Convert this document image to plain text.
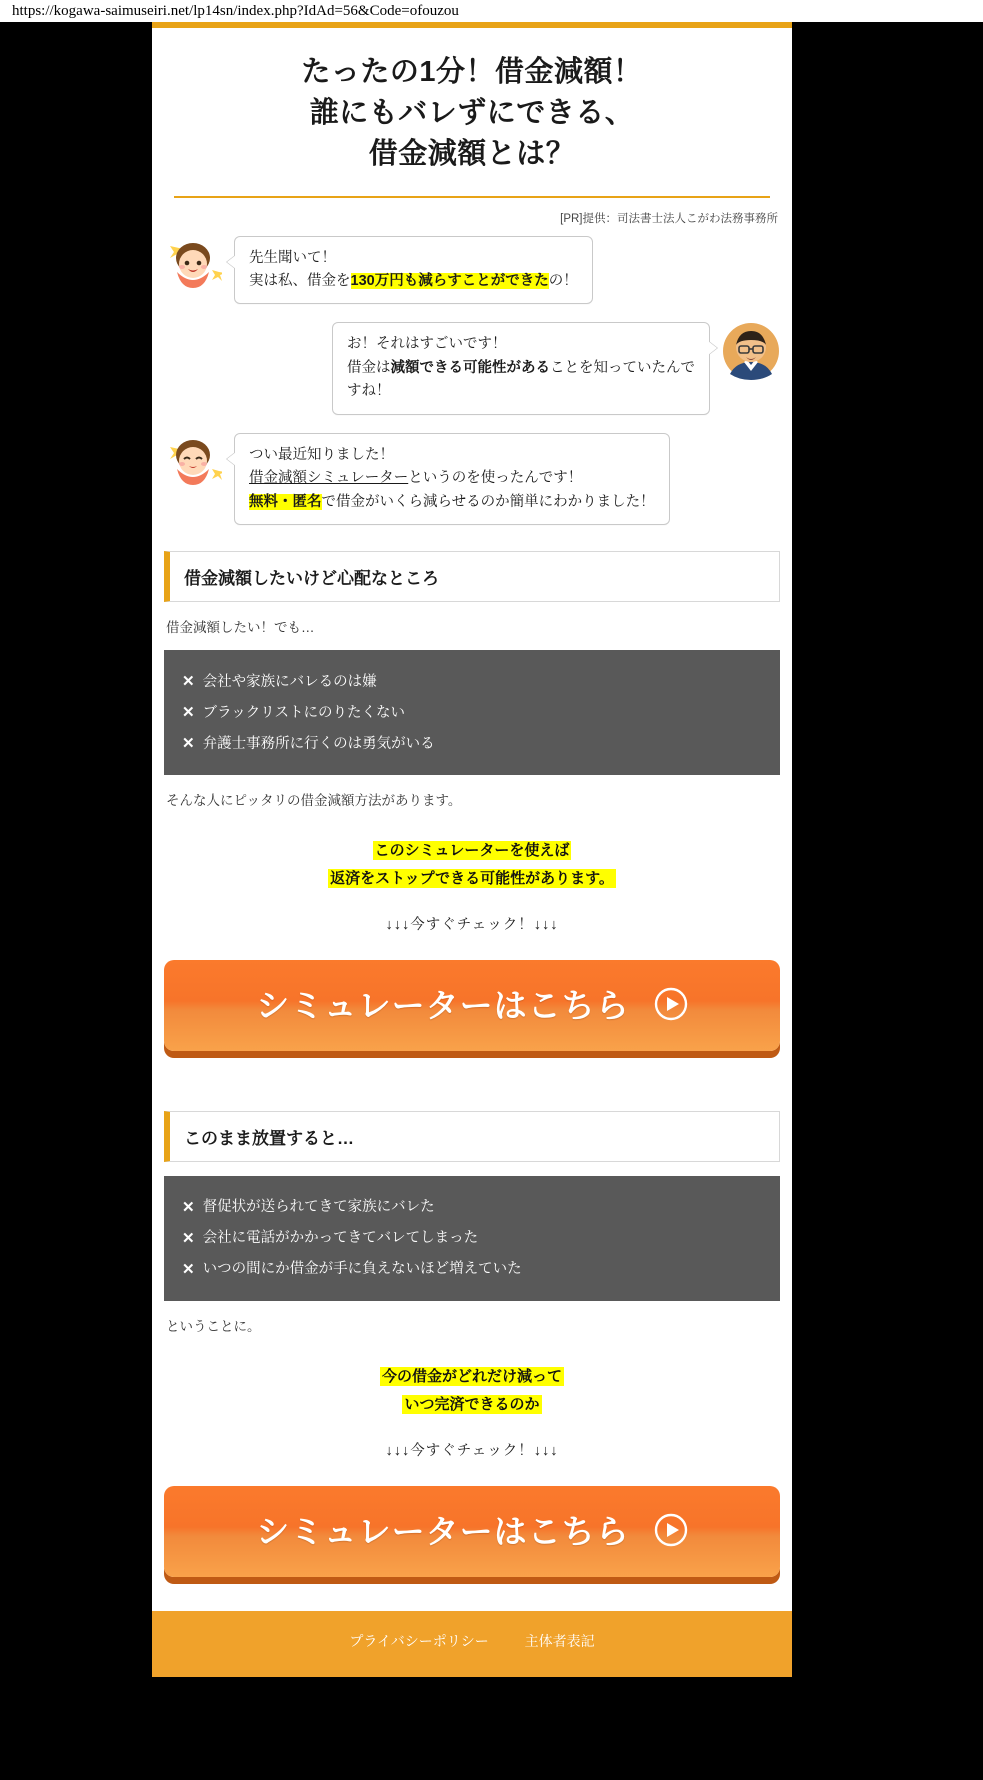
https://kogawa-saimuseiri.net/lp14sn/index.php?IdAd=56&Code=ofouzou
たったの1分！借金減額！
誰にもバレずにできる、
借金減額とは？
[PR]提供：司法書士法人こがわ法務事務所
先生聞いて！
実は私、借金を130万円も減らすことができたの！
お！それはすごいです！
借金は減額できる可能性があることを知っていたんですね！
つい最近知りました！
借金減額シミュレーターというのを使ったんです！
無料・匿名で借金がいくら減らせるのか簡単にわかりました！
借金減額したいけど心配なところ

借金減額したい！でも…

✕ 会社や家族にバレるのは嫌
✕ ブラックリストにのりたくない
✕ 弁護士事務所に行くのは勇気がいる

そんな人にピッタリの借金減額方法があります。

このシミュレーターを使えば
返済をストップできる可能性があります。
↓↓↓今すぐチェック！↓↓↓
シミュレーターはこちら
このまま放置すると…
✕ 督促状が送られてきて家族にバレた
✕ 会社に電話がかかってきてバレてしまった
✕ いつの間にか借金が手に負えないほど増えていた

ということに。

今の借金がどれだけ減って
いつ完済できるのか
↓↓↓今すぐチェック！↓↓↓
シミュレーターはこちら
プライバシーポリシー	主体者表記
